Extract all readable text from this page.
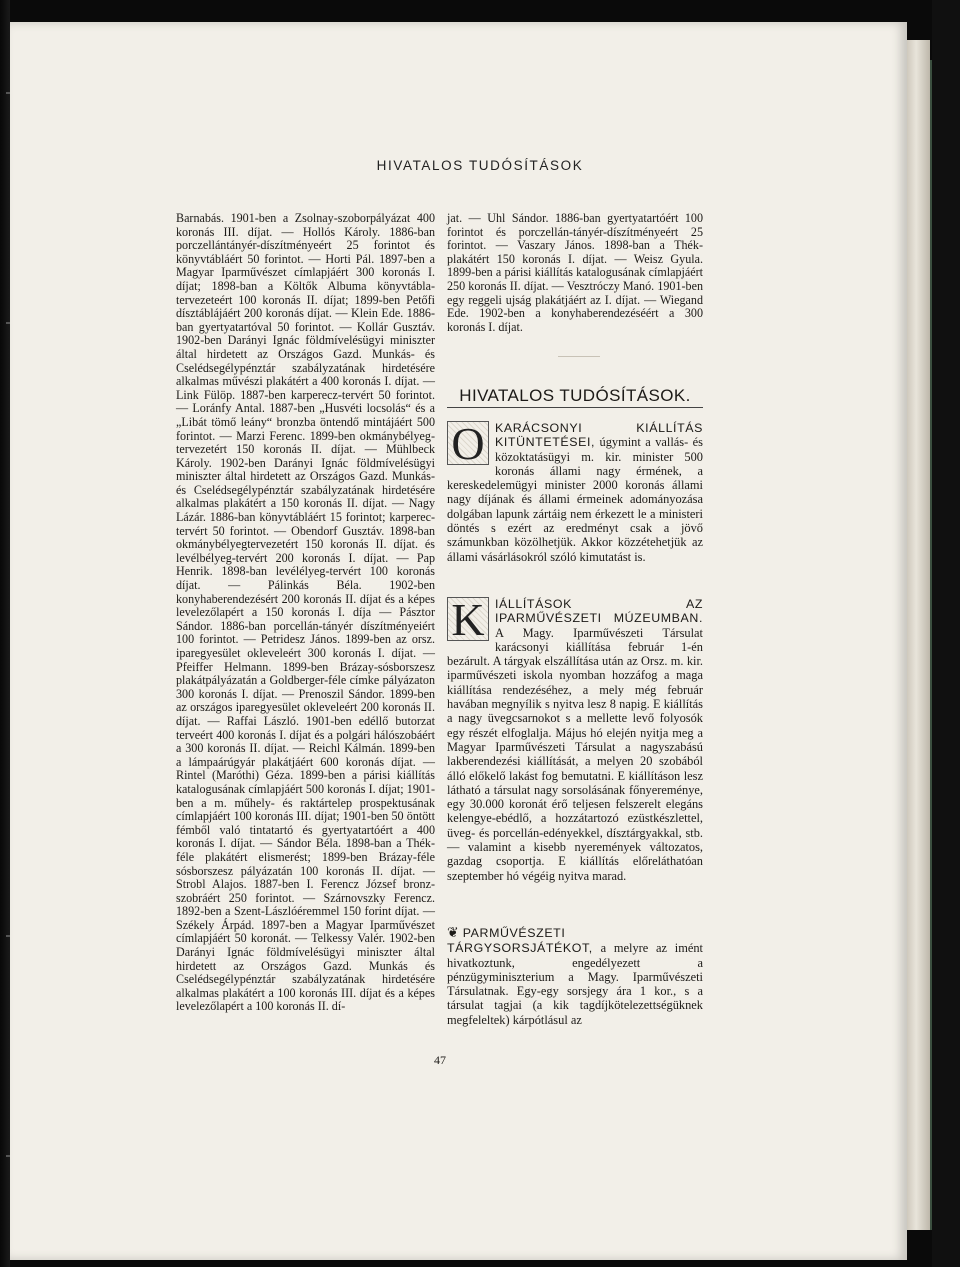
HIVATALOS TUDÓSÍTÁSOK

Barnabás. 1901-ben a Zsolnay-szoborpályázat 400 koronás III. díjat. — Hollós Károly. 1886-ban porczellántányér-díszítményeért 25 forintot és könyvtábláért 50 forintot. — Horti Pál. 1897-ben a Magyar Iparművészet címlapjáért 300 koronás I. díjat; 1898-ban a Költők Albuma könyvtábla-tervezeteért 100 koronás II. díjat; 1899-ben Petőfi dísztáblájáért 200 koronás díjat. — Klein Ede. 1886-ban gyertyatartóval 50 forintot. — Kollár Gusztáv. 1902-ben Darányi Ignác földmívelésügyi miniszter által hirdetett az Országos Gazd. Munkás- és Cselédsegélypénztár szabályzatának hirdetésére alkalmas művészi plakátért a 400 koronás I. díjat. — Link Fülöp. 1887-ben karperecz-tervért 50 forintot. — Loránfy Antal. 1887-ben „Husvéti locsolás“ és a „Libát tömő leány“ bronzba öntendő mintájáért 500 forintot. — Marzi Ferenc. 1899-ben okmánybélyeg-tervezetért 150 koronás II. díjat. — Mühlbeck Károly. 1902-ben Darányi Ignác földmívelésügyi miniszter által hirdetett az Országos Gazd. Munkás- és Cselédsegélypénztár szabályzatának hirdetésére alkalmas plakátért a 150 koronás II. díjat. — Nagy Lázár. 1886-ban könyvtábláért 15 forintot; karperec-tervért 50 forintot. — Obendorf Gusztáv. 1898-ban okmánybélyegtervezetért 150 koronás II. díjat. és levélbélyeg-tervért 200 koronás I. díjat. — Pap Henrik. 1898-ban levélélyeg-tervért 100 koronás díjat. — Pálinkás Béla. 1902-ben konyhaberendezésért 200 koronás II. díjat és a képes levelezőlapért a 150 koronás I. díja — Pásztor Sándor. 1886-ban porcellán-tányér díszítményeiért 100 forintot. — Petridesz János. 1899-ben az orsz. iparegyesület okleveleért 300 koronás I. díjat. — Pfeiffer Helmann. 1899-ben Brázay-sósborszesz plakátpályázatán a Goldberger-féle címke pályázaton 300 koronás I. díjat. — Prenoszil Sándor. 1899-ben az országos iparegyesület okleveleért 200 koronás II. díjat. — Raffai László. 1901-ben edéllő butorzat terveért 400 koronás I. díjat és a polgári hálószobáért a 300 koronás II. díjat. — Reichl Kálmán. 1899-ben a lámpaárúgyár plakátjáért 600 koronás díjat. — Rintel (Maróthi) Géza. 1899-ben a párisi kiállítás katalogusának címlapjáért 500 koronás I. díjat; 1901-ben a m. műhely- és raktártelep prospektusának címlapjáért 100 koronás III. díjat; 1901-ben 50 öntött fémből való tintatartó és gyertyatartóért a 400 koronás I. díjat. — Sándor Béla. 1898-ban a Thék-féle plakátért elismerést; 1899-ben Brázay-féle sósborszesz pályázatán 100 koronás II. díjat. — Strobl Alajos. 1887-ben I. Ferencz József bronz-szobráért 250 forintot. — Szárnovszky Ferencz. 1892-ben a Szent-Lászlóéremmel 150 forint díjat. — Székely Árpád. 1897-ben a Magyar Iparművészet címlapjáért 50 koronát. — Telkessy Valér. 1902-ben Darányi Ignác földmívelésügyi miniszter által hirdetett az Országos Gazd. Munkás és Cselédsegélypénztár szabályzatának hirdetésére alkalmas plakátért a 100 koronás III. díjat és a képes levelezőlapért a 100 koronás II. dí-

jat. — Uhl Sándor. 1886-ban gyertyatartóért 100 forintot és porczellán-tányér-díszítményeért 25 forintot. — Vaszary János. 1898-ban a Thék-plakátért 150 koronás I. díjat. — Weisz Gyula. 1899-ben a párisi kiállítás katalogusának címlapjáért 250 koronás II. díjat. — Vesztróczy Manó. 1901-ben egy reggeli ujság plakátjáért az I. díjat. — Wiegand Ede. 1902-ben a konyhaberendezéséért a 300 koronás I. díjat.

HIVATALOS TUDÓSÍTÁSOK.
O KARÁCSONYI KIÁLLÍTÁS KITÜNTETÉSEI, úgymint a vallás- és közoktatásügyi m. kir. minister 500 koronás állami nagy érmének, a kereskedelemügyi minister 2000 koronás állami nagy díjának és állami érmeinek adományozása dolgában lapunk zártáig nem érkezett le a ministeri döntés s ezért az eredményt csak a jövő számunkban közölhetjük. Akkor közzétehetjük az állami vásárlásokról szóló kimutatást is.

K IÁLLÍTÁSOK AZ IPARMŰVÉSZETI MÚZEUMBAN. A Magy. Iparművészeti Társulat karácsonyi kiállítása február 1-én bezárult. A tárgyak elszállítása után az Orsz. m. kir. iparművészeti iskola nyomban hozzáfog a maga kiállítása rendezéséhez, a mely még február havában megnyílik s nyitva lesz 8 napig. E kiállítás a nagy üvegcsarnokot s a mellette levő folyosók egy részét elfoglalja. Május hó elején nyitja meg a Magyar Iparművészeti Társulat a nagyszabású lakberendezési kiállítását, a melyen 20 szobából álló előkelő lakást fog bemutatni. E kiállításon lesz látható a társulat nagy sorsolásának főnyereménye, egy 30.000 koronát érő teljesen felszerelt elegáns kelengye-ebédlő, a hozzátartozó ezüstkészlettel, üveg- és porcellán-edényekkel, dísztárgyakkal, stb. — valamint a kisebb nyeremények változatos, gazdag csoportja. E kiállítás előreláthatóan szeptember hó végéig nyitva marad.

❦ PARMŰVÉSZETI TÁRGYSORSJÁTÉKOT, a melyre az imént hivatkoztunk, engedélyezett a pénzügyminiszterium a Magy. Iparművészeti Társulatnak. Egy-egy sorsjegy ára 1 kor., s a társulat tagjai (a kik tagdíjkötelezettségüknek megfeleltek) kárpótlásul az

47
